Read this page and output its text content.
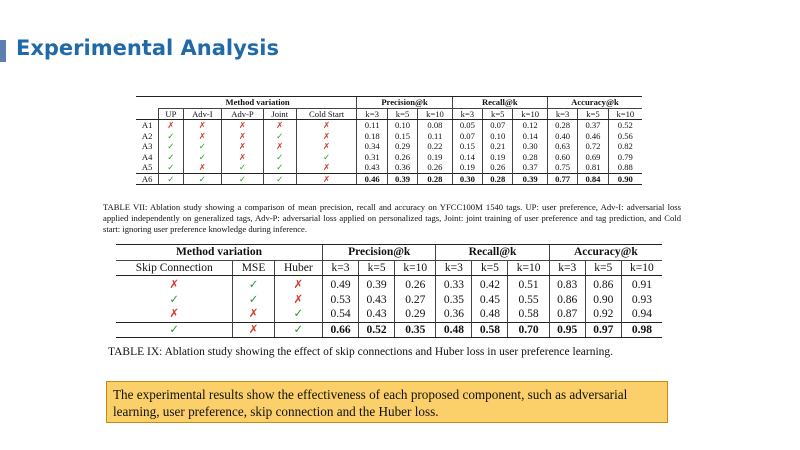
Experimental Analysis
	Method variation					Precision@k			Recall@k			Accuracy@k		
	UP	Adv-I	Adv-P	Joint	Cold Start	k=3	k=5	k=10	k=3	k=5	k=10	k=3	k=5	k=10
A1	✗	✗	✗	✗	✗	0.11	0.10	0.08	0.05	0.07	0.12	0.28	0.37	0.52
A2	✓	✗	✗	✓	✗	0.18	0.15	0.11	0.07	0.10	0.14	0.40	0.46	0.56
A3	✓	✓	✗	✗	✗	0.34	0.29	0.22	0.15	0.21	0.30	0.63	0.72	0.82
A4	✓	✓	✗	✓	✓	0.31	0.26	0.19	0.14	0.19	0.28	0.60	0.69	0.79
A5	✓	✗	✓	✓	✗	0.43	0.36	0.26	0.19	0.26	0.37	0.75	0.81	0.88
A6	✓	✓	✓	✓	✗	0.46	0.39	0.28	0.30	0.28	0.39	0.77	0.84	0.90
TABLE VII: Ablation study showing a comparison of mean precision, recall and accuracy on YFCC100M 1540 tags. UP: user preference, Adv-I: adversarial loss applied independently on generalized tags, Adv-P: adversarial loss applied on personalized tags, Joint: joint training of user preference and tag prediction, and Cold start: ignoring user preference knowledge during inference.
Method variation			Precision@k			Recall@k			Accuracy@k		
Skip Connection	MSE	Huber	k=3	k=5	k=10	k=3	k=5	k=10	k=3	k=5	k=10
✗	✓	✗	0.49	0.39	0.26	0.33	0.42	0.51	0.83	0.86	0.91
✓	✓	✗	0.53	0.43	0.27	0.35	0.45	0.55	0.86	0.90	0.93
✗	✗	✓	0.54	0.43	0.29	0.36	0.48	0.58	0.87	0.92	0.94
✓	✗	✓	0.66	0.52	0.35	0.48	0.58	0.70	0.95	0.97	0.98
TABLE IX: Ablation study showing the effect of skip connections and Huber loss in user preference learning.
The experimental results show the effectiveness of each proposed component, such as adversarial learning, user preference, skip connection and the Huber loss.
